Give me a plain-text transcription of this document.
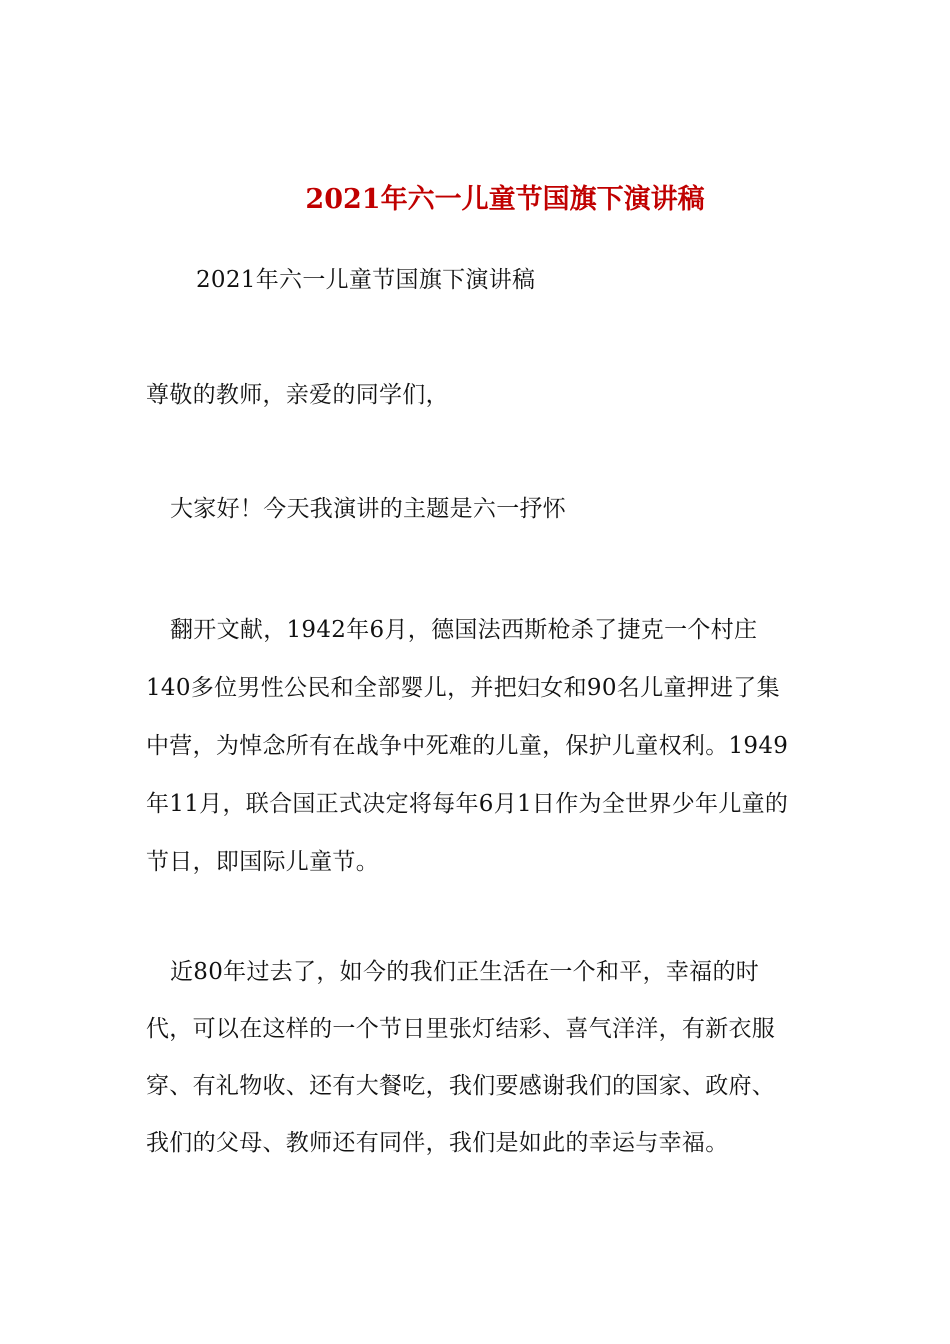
2021年六一儿童节国旗下演讲稿

2021年六一儿童节国旗下演讲稿

尊敬的教师，亲爱的同学们，

大家好！今天我演讲的主题是六一抒怀

翻开文献，1942年6月，德国法西斯枪杀了捷克一个村庄140多位男性公民和全部婴儿，并把妇女和90名儿童押进了集中营，为悼念所有在战争中死难的儿童，保护儿童权利。1949年11月，联合国正式决定将每年6月1日作为全世界少年儿童的节日，即国际儿童节。

近80年过去了，如今的我们正生活在一个和平，幸福的时代，可以在这样的一个节日里张灯结彩、喜气洋洋，有新衣服穿、有礼物收、还有大餐吃，我们要感谢我们的国家、政府、我们的父母、教师还有同伴，我们是如此的幸运与幸福。
